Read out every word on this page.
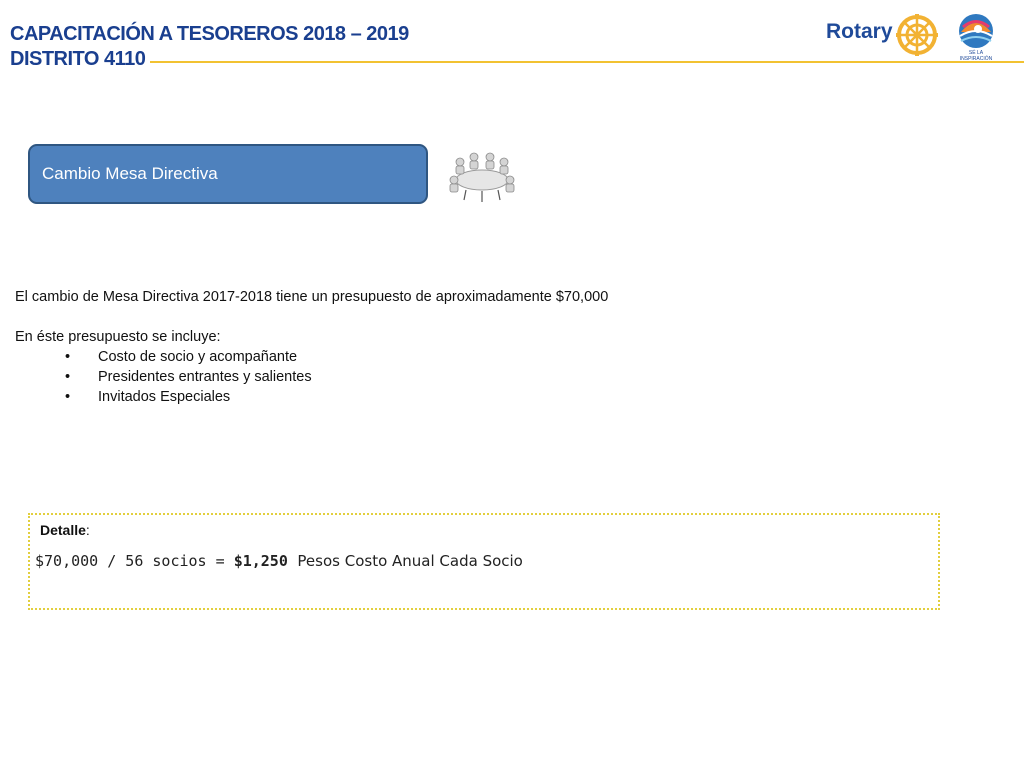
CAPACITACIÓN A TESOREROS 2018 – 2019
DISTRITO 4110
Rotary
SÉ LA INSPIRACIÓN
Cambio Mesa Directiva

El cambio de Mesa Directiva 2017-2018 tiene un presupuesto de aproximadamente $70,000

En éste presupuesto se incluye:

• Costo de socio y acompañante
• Presidentes entrantes y salientes
• Invitados Especiales
Detalle:
$70,000 / 56 socios = $1,250  Pesos Costo Anual Cada Socio
